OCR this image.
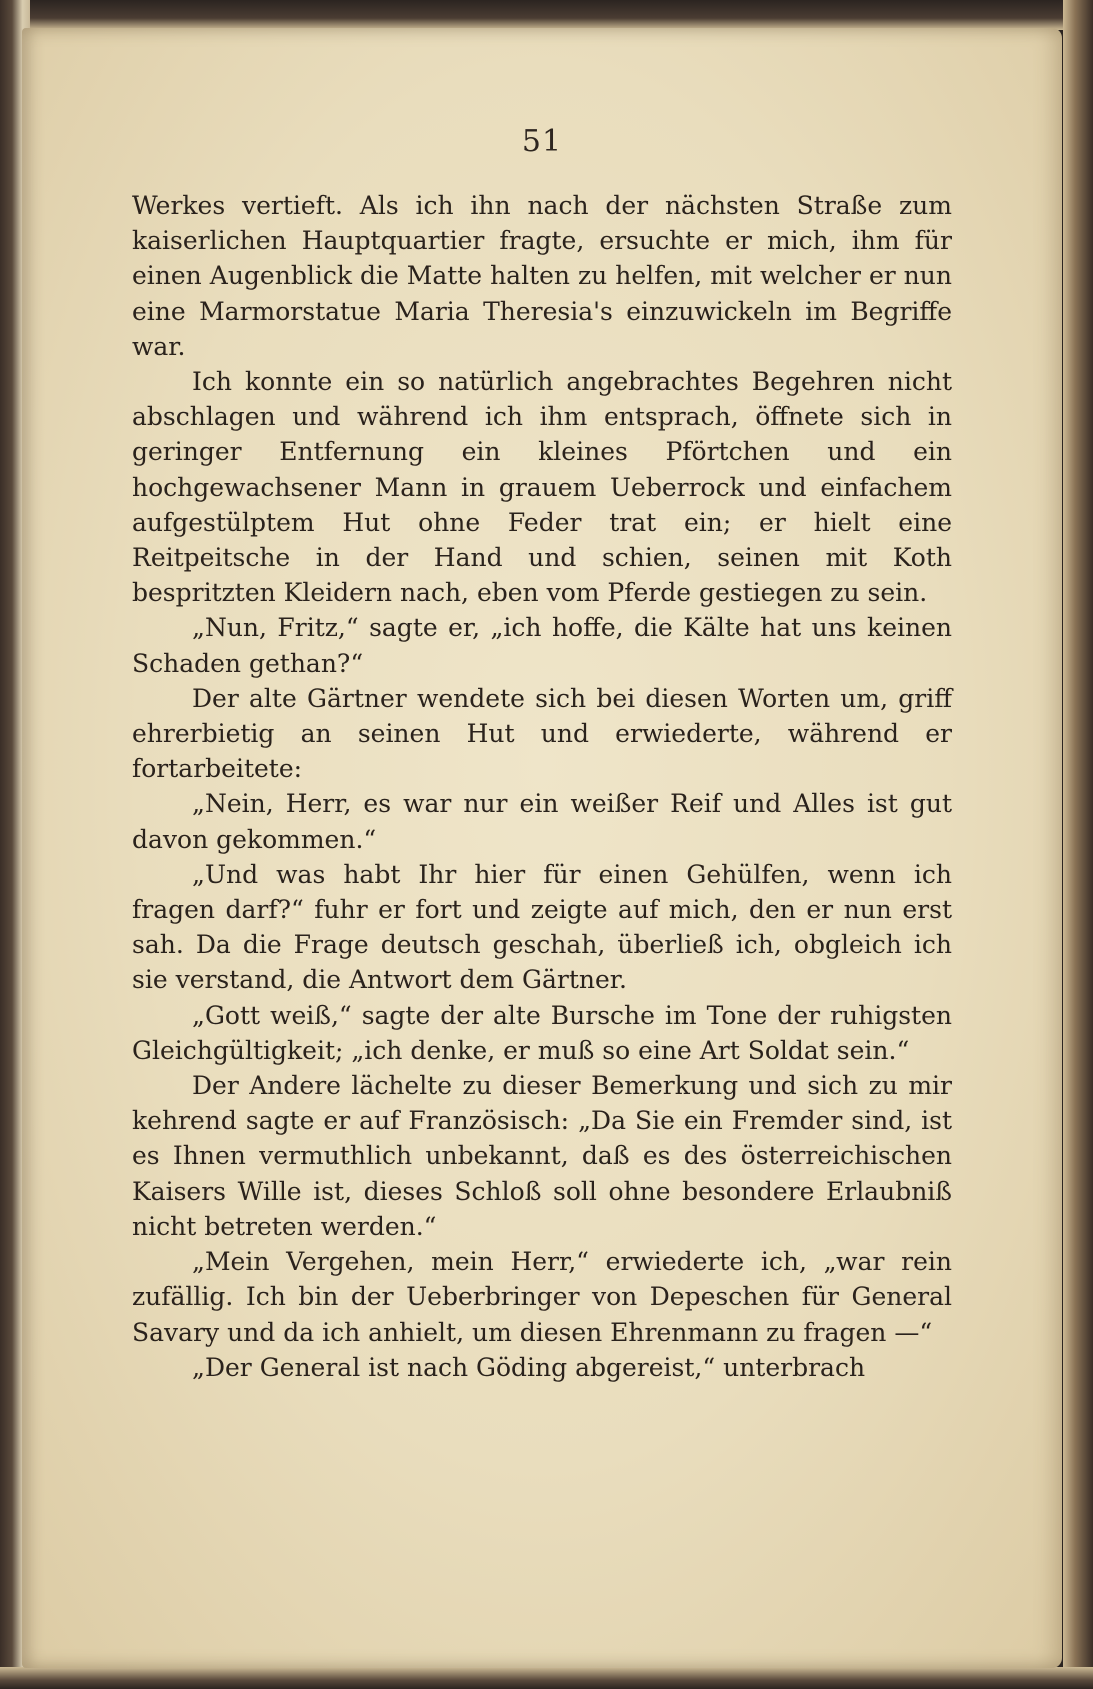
51

Werkes vertieft. Als ich ihn nach der nächsten Straße zum kaiserlichen Hauptquartier fragte, ersuchte er mich, ihm für einen Augenblick die Matte halten zu helfen, mit welcher er nun eine Marmorstatue Maria Theresia's einzuwickeln im Begriffe war.

Ich konnte ein so natürlich angebrachtes Begehren nicht abschlagen und während ich ihm entsprach, öffnete sich in geringer Entfernung ein kleines Pförtchen und ein hochgewachsener Mann in grauem Ueberrock und einfachem aufgestülptem Hut ohne Feder trat ein; er hielt eine Reitpeitsche in der Hand und schien, seinen mit Koth bespritzten Kleidern nach, eben vom Pferde gestiegen zu sein.

„Nun, Fritz,“ sagte er, „ich hoffe, die Kälte hat uns keinen Schaden gethan?“

Der alte Gärtner wendete sich bei diesen Worten um, griff ehrerbietig an seinen Hut und erwiederte, während er fortarbeitete:

„Nein, Herr, es war nur ein weißer Reif und Alles ist gut davon gekommen.“

„Und was habt Ihr hier für einen Gehülfen, wenn ich fragen darf?“ fuhr er fort und zeigte auf mich, den er nun erst sah. Da die Frage deutsch geschah, überließ ich, obgleich ich sie verstand, die Antwort dem Gärtner.

„Gott weiß,“ sagte der alte Bursche im Tone der ruhigsten Gleichgültigkeit; „ich denke, er muß so eine Art Soldat sein.“

Der Andere lächelte zu dieser Bemerkung und sich zu mir kehrend sagte er auf Französisch: „Da Sie ein Fremder sind, ist es Ihnen vermuthlich unbekannt, daß es des österreichischen Kaisers Wille ist, dieses Schloß soll ohne besondere Erlaubniß nicht betreten werden.“

„Mein Vergehen, mein Herr,“ erwiederte ich, „war rein zufällig. Ich bin der Ueberbringer von Depeschen für General Savary und da ich anhielt, um diesen Ehrenmann zu fragen —“

„Der General ist nach Göding abgereist,“ unterbrach
